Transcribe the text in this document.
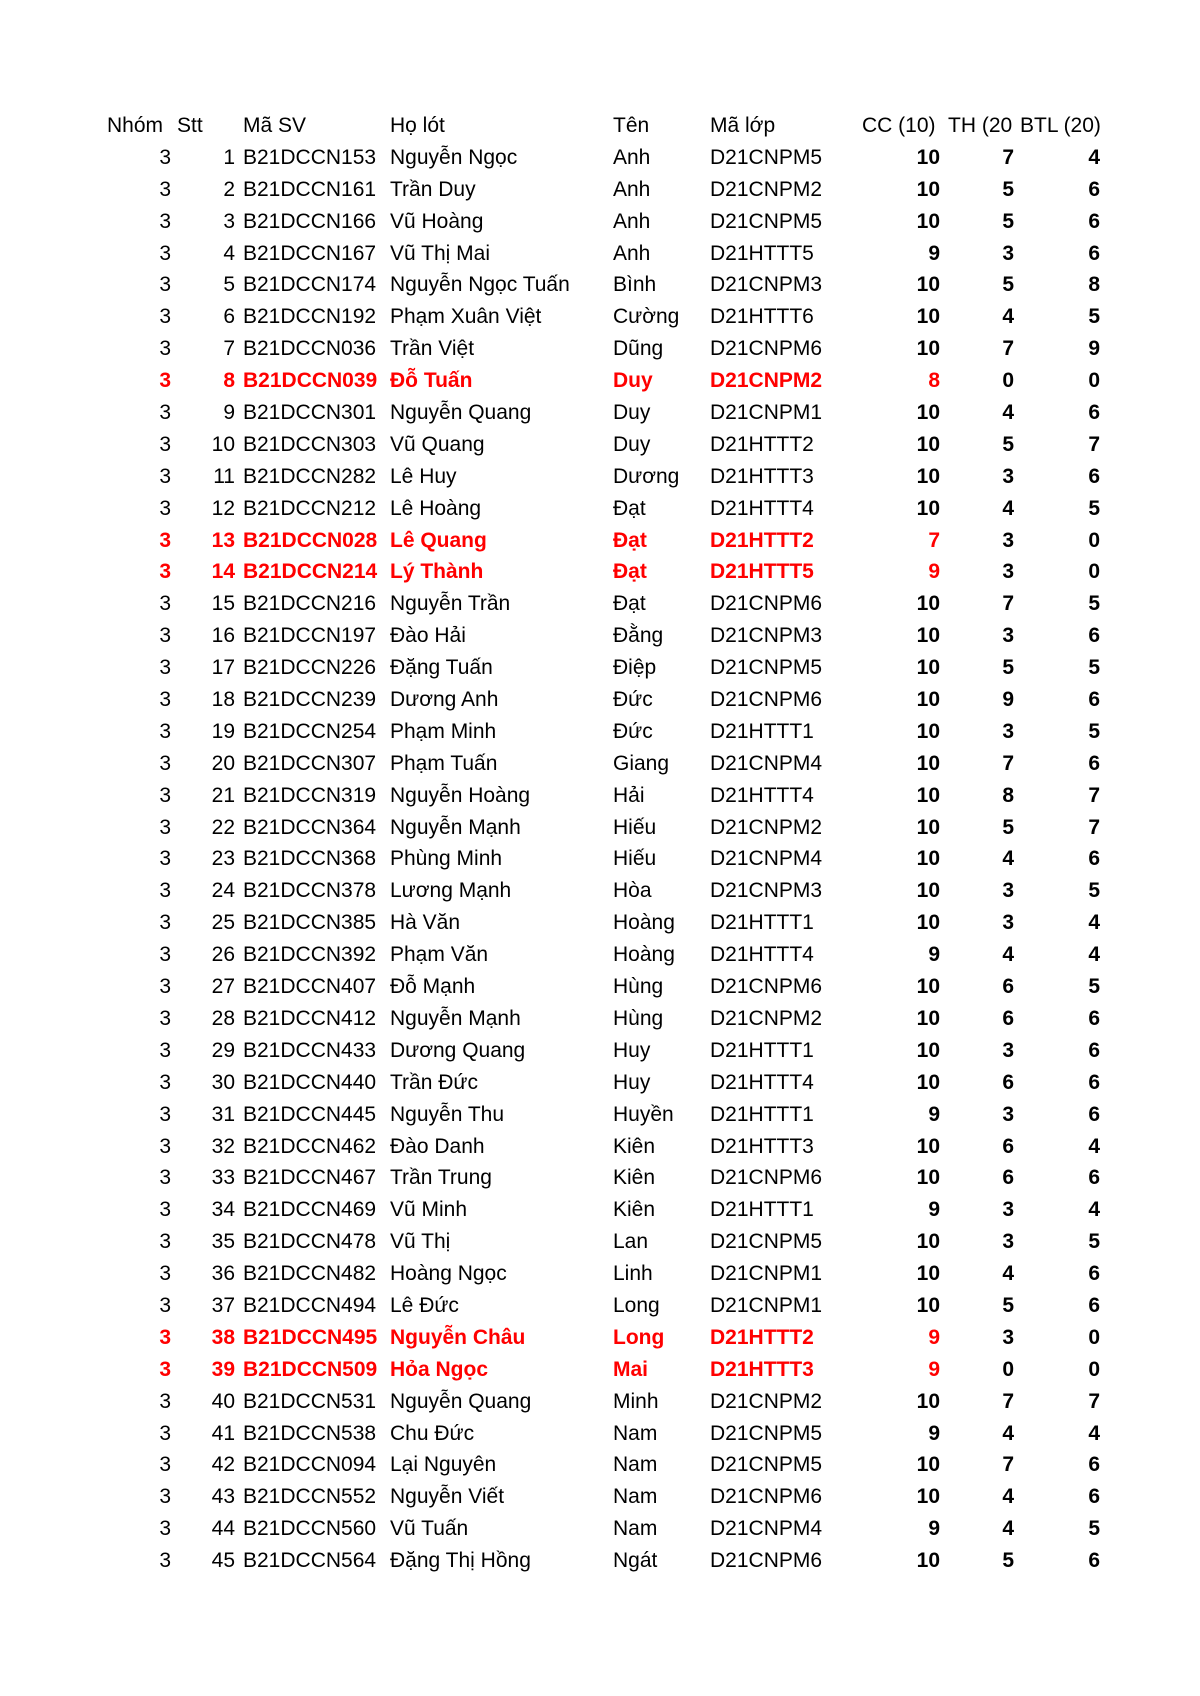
Nhóm Stt Mã SV	Họ lót	Tên	Mã lớp	CC (10) TH (20 BTL (20)
3 1 B21DCCN153 Nguyễn Ngọc	Anh	D21CNPM5	10	7	4
3 2 B21DCCN161 Trần Duy	Anh	D21CNPM2	10	5	6
3 3 B21DCCN166 Vũ Hoàng	Anh	D21CNPM5	10	5	6
3 4 B21DCCN167 Vũ Thị Mai	Anh	D21HTTT5	9	3	6
3 5 B21DCCN174 Nguyễn Ngọc Tuấn Bình	D21CNPM3	10	5	8
3 6 B21DCCN192 Phạm Xuân Việt	Cường D21HTTT6	10	4	5
3 7 B21DCCN036 Trần Việt	Dũng D21CNPM6	10	7	9
3 8 B21DCCN039 Đỗ Tuấn	Duy	D21CNPM2	8	0	0
3 9 B21DCCN301 Nguyễn Quang	Duy	D21CNPM1	10	4	6
3 10 B21DCCN303 Vũ Quang	Duy	D21HTTT2	10	5	7
3 11 B21DCCN282 Lê Huy	Dương D21HTTT3	10	3	6
3 12 B21DCCN212 Lê Hoàng	Đạt	D21HTTT4	10	4	5
3 13 B21DCCN028 Lê Quang	Đạt	D21HTTT2	7	3	0
3 14 B21DCCN214 Lý Thành	Đạt	D21HTTT5	9	3	0
3 15 B21DCCN216 Nguyễn Trần	Đạt	D21CNPM6	10	7	5
3 16 B21DCCN197 Đào Hải	Đằng D21CNPM3	10	3	6
3 17 B21DCCN226 Đặng Tuấn	Điệp	D21CNPM5	10	5	5
3 18 B21DCCN239 Dương Anh	Đức	D21CNPM6	10	9	6
3 19 B21DCCN254 Phạm Minh	Đức	D21HTTT1	10	3	5
3 20 B21DCCN307 Phạm Tuấn	Giang D21CNPM4	10	7	6
3 21 B21DCCN319 Nguyễn Hoàng	Hải	D21HTTT4	10	8	7
3 22 B21DCCN364 Nguyễn Mạnh	Hiếu	D21CNPM2	10	5	7
3 23 B21DCCN368 Phùng Minh	Hiếu	D21CNPM4	10	4	6
3 24 B21DCCN378 Lương Mạnh	Hòa	D21CNPM3	10	3	5
3 25 B21DCCN385 Hà Văn	Hoàng D21HTTT1	10	3	4
3 26 B21DCCN392 Phạm Văn	Hoàng D21HTTT4	9	4	4
3 27 B21DCCN407 Đỗ Mạnh	Hùng D21CNPM6	10	6	5
3 28 B21DCCN412 Nguyễn Mạnh	Hùng D21CNPM2	10	6	6
3 29 B21DCCN433 Dương Quang	Huy	D21HTTT1	10	3	6
3 30 B21DCCN440 Trần Đức	Huy	D21HTTT4	10	6	6
3 31 B21DCCN445 Nguyễn Thu	Huyền D21HTTT1	9	3	6
3 32 B21DCCN462 Đào Danh	Kiên	D21HTTT3	10	6	4
3 33 B21DCCN467 Trần Trung	Kiên	D21CNPM6	10	6	6
3 34 B21DCCN469 Vũ Minh	Kiên	D21HTTT1	9	3	4
3 35 B21DCCN478 Vũ Thị	Lan	D21CNPM5	10	3	5
3 36 B21DCCN482 Hoàng Ngọc	Linh	D21CNPM1	10	4	6
3 37 B21DCCN494 Lê Đức	Long D21CNPM1	10	5	6
3 38 B21DCCN495 Nguyễn Châu	Long D21HTTT2	9	3	0
3 39 B21DCCN509 Hỏa Ngọc	Mai	D21HTTT3	9	0	0
3 40 B21DCCN531 Nguyễn Quang	Minh D21CNPM2	10	7	7
3 41 B21DCCN538 Chu Đức	Nam	D21CNPM5	9	4	4
3 42 B21DCCN094 Lại Nguyên	Nam	D21CNPM5	10	7	6
3 43 B21DCCN552 Nguyễn Viết	Nam	D21CNPM6	10	4	6
3 44 B21DCCN560 Vũ Tuấn	Nam	D21CNPM4	9	4	5
3 45 B21DCCN564 Đặng Thị Hồng	Ngát	D21CNPM6	10	5	6
